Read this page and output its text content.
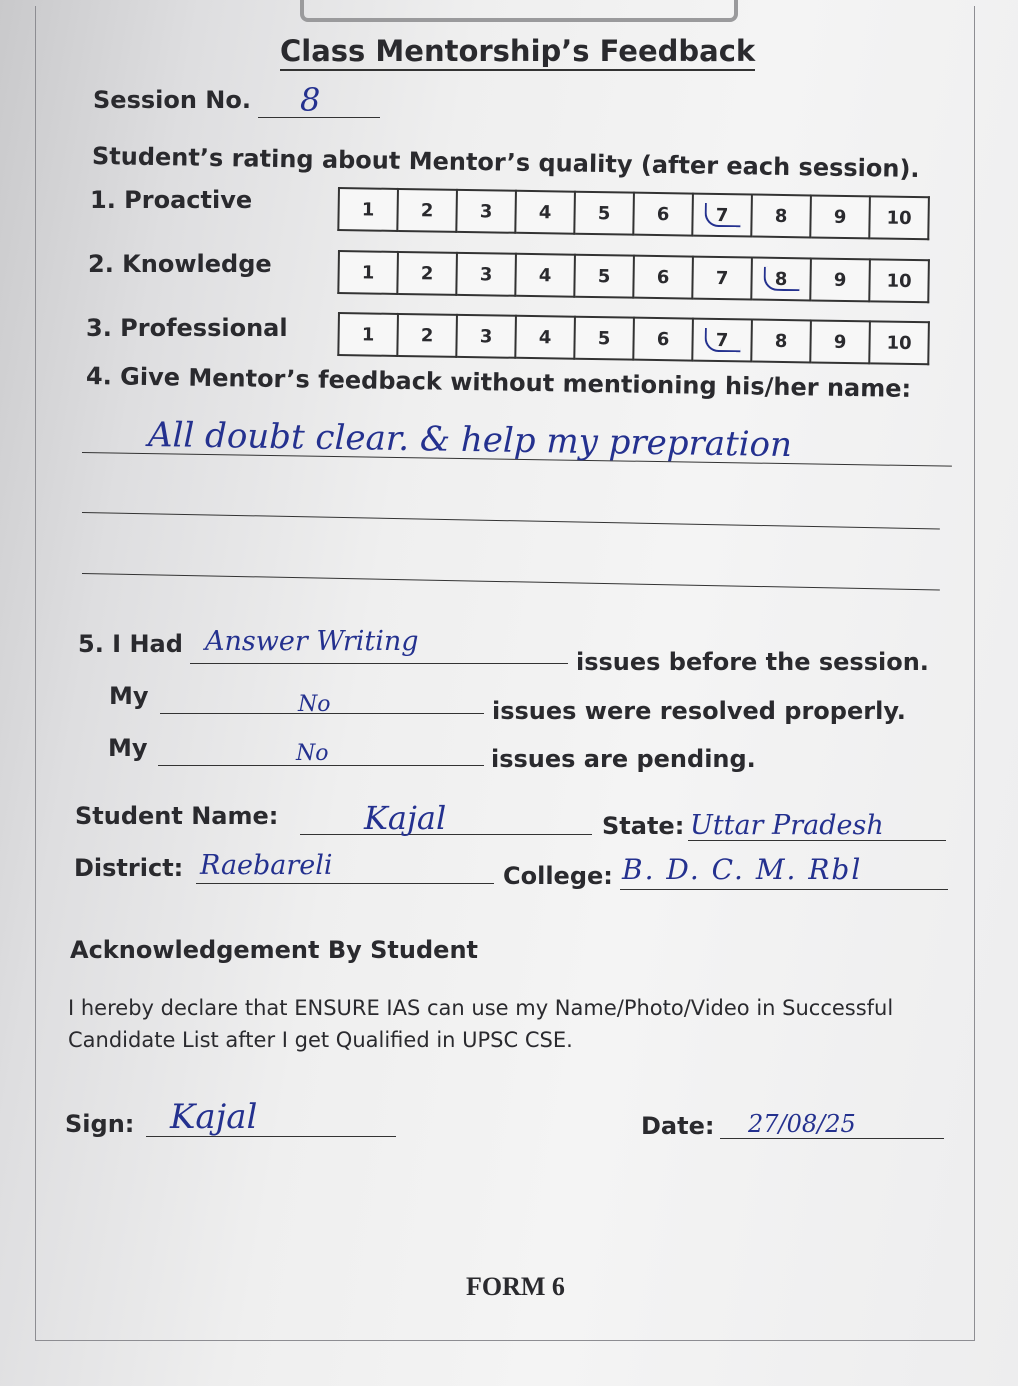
Class Mentorship’s Feedback
Session No. 8
Student’s rating about Mentor’s quality (after each session).
1. Proactive	1	2	3	4	5	6	7	8	9	10
2. Knowledge	1	2	3	4	5	6	7	8	9	10
3. Professional	1	2	3	4	5	6	7	8	9	10
4. Give Mentor’s feedback without mentioning his/her name:
All doubt clear. & help my prepration
5. I Had Answer Writing
issues before the session.
My	No	issues were resolved properly.
My	No	issues are pending.
Student Name:	Kajal	State: Uttar Pradesh
District: Raebareli	College: B. D. C. M. Rbl
Acknowledgement By Student
I hereby declare that ENSURE IAS can use my Name/Photo/Video in Successful Candidate List after I get Qualified in UPSC CSE.
Sign: Kajal	Date: 27/08/25
FORM 6
